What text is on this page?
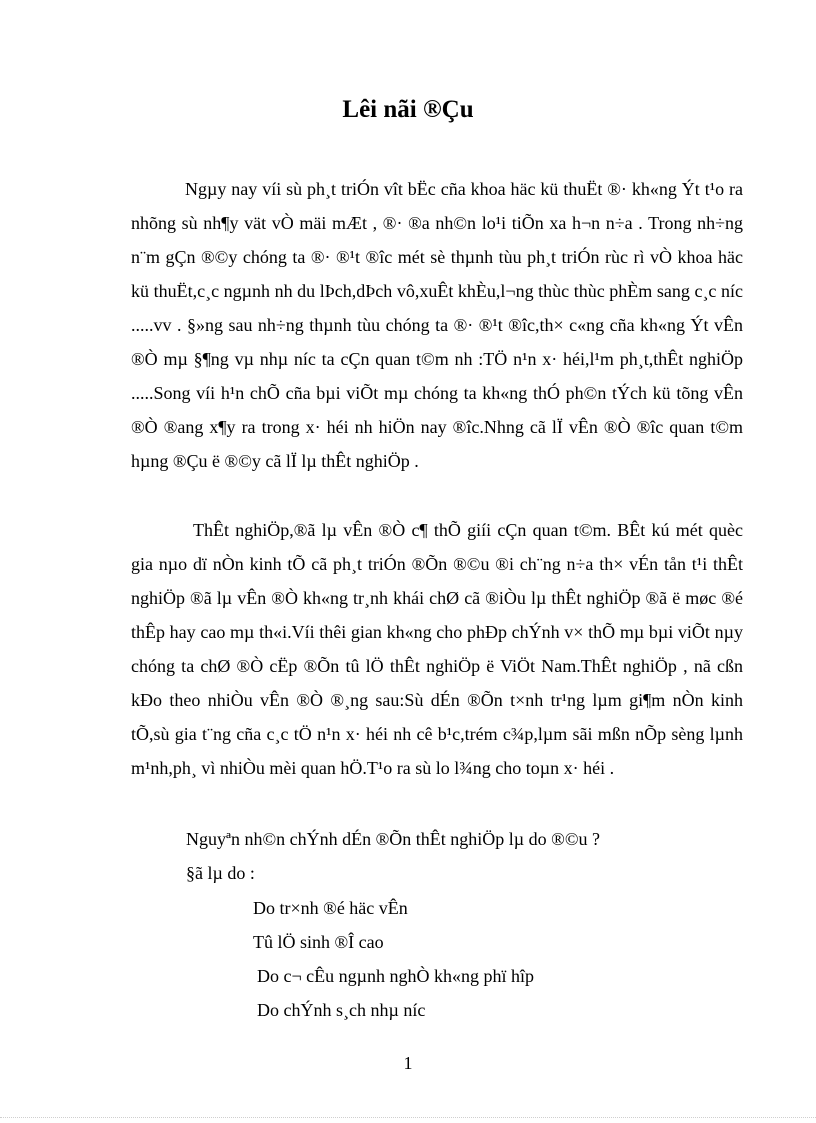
Lêi nãi ®Çu

Ngµy nay víi sù ph¸t triÓn vît bËc cña khoa häc kü thuËt ®· kh«ng Ýt t¹o ra nhõng sù nh¶y vät vÒ mäi mÆt , ®· ®a nh©n lo¹i tiÕn xa h¬n n÷a . Trong nh÷ng n¨m gÇn ®©y chóng ta ®· ®¹t ®îc mét sè thµnh tùu ph¸t triÓn rùc rì vÒ khoa häc kü thuËt,c¸c ngµnh nh du lÞch,dÞch vô,xuÊt khÈu,l¬ng thùc thùc phÈm sang c¸c níc .....vv . §»ng sau nh÷ng thµnh tùu chóng ta ®· ®¹t ®îc,th× c«ng cña kh«ng Ýt vÊn ®Ò mµ §¶ng vµ nhµ níc ta cÇn quan t©m nh :TÖ n¹n x· héi,l¹m ph¸t,thÊt nghiÖp .....Song víi h¹n chÕ cña bµi viÕt mµ chóng ta kh«ng thÓ ph©n tÝch kü tõng vÊn ®Ò ®ang x¶y ra trong x· héi nh hiÖn nay ®îc.Nhng cã lÏ vÊn ®Ò ®îc quan t©m hµng ®Çu ë ®©y cã lÏ lµ thÊt nghiÖp .

ThÊt nghiÖp,®ã lµ vÊn ®Ò c¶ thÕ giíi cÇn quan t©m. BÊt kú mét quèc gia nµo dï nÒn kinh tÕ cã ph¸t triÓn ®Õn ®©u ®i ch¨ng n÷a th× vÉn tån t¹i thÊt nghiÖp ®ã lµ vÊn ®Ò kh«ng tr¸nh khái chØ cã ®iÒu lµ thÊt nghiÖp ®ã ë møc ®é thÊp hay cao mµ th«i.Víi thêi gian kh«ng cho phÐp chÝnh v× thÕ mµ bµi viÕt nµy chóng ta chØ ®Ò cËp ®Õn tû lÖ thÊt nghiÖp ë ViÖt Nam.ThÊt nghiÖp , nã cßn kÐo theo nhiÒu vÊn ®Ò ®¸ng sau:Sù dÉn ®Õn t×nh tr¹ng lµm gi¶m nÒn kinh tÕ,sù gia t¨ng cña c¸c tÖ n¹n x· héi nh cê b¹c,trém c¾p,lµm sãi mßn nÕp sèng lµnh m¹nh,ph¸ vì nhiÒu mèi quan hÖ.T¹o ra sù lo l¾ng cho toµn x· héi .

Nguyªn nh©n chÝnh dÉn ®Õn thÊt nghiÖp lµ do ®©u ?
§ã lµ do :
Do tr×nh ®é häc vÊn
Tû lÖ sinh ®Î cao
Do c¬ cÊu ngµnh nghÒ kh«ng phï hîp
Do chÝnh s¸ch nhµ níc
1
